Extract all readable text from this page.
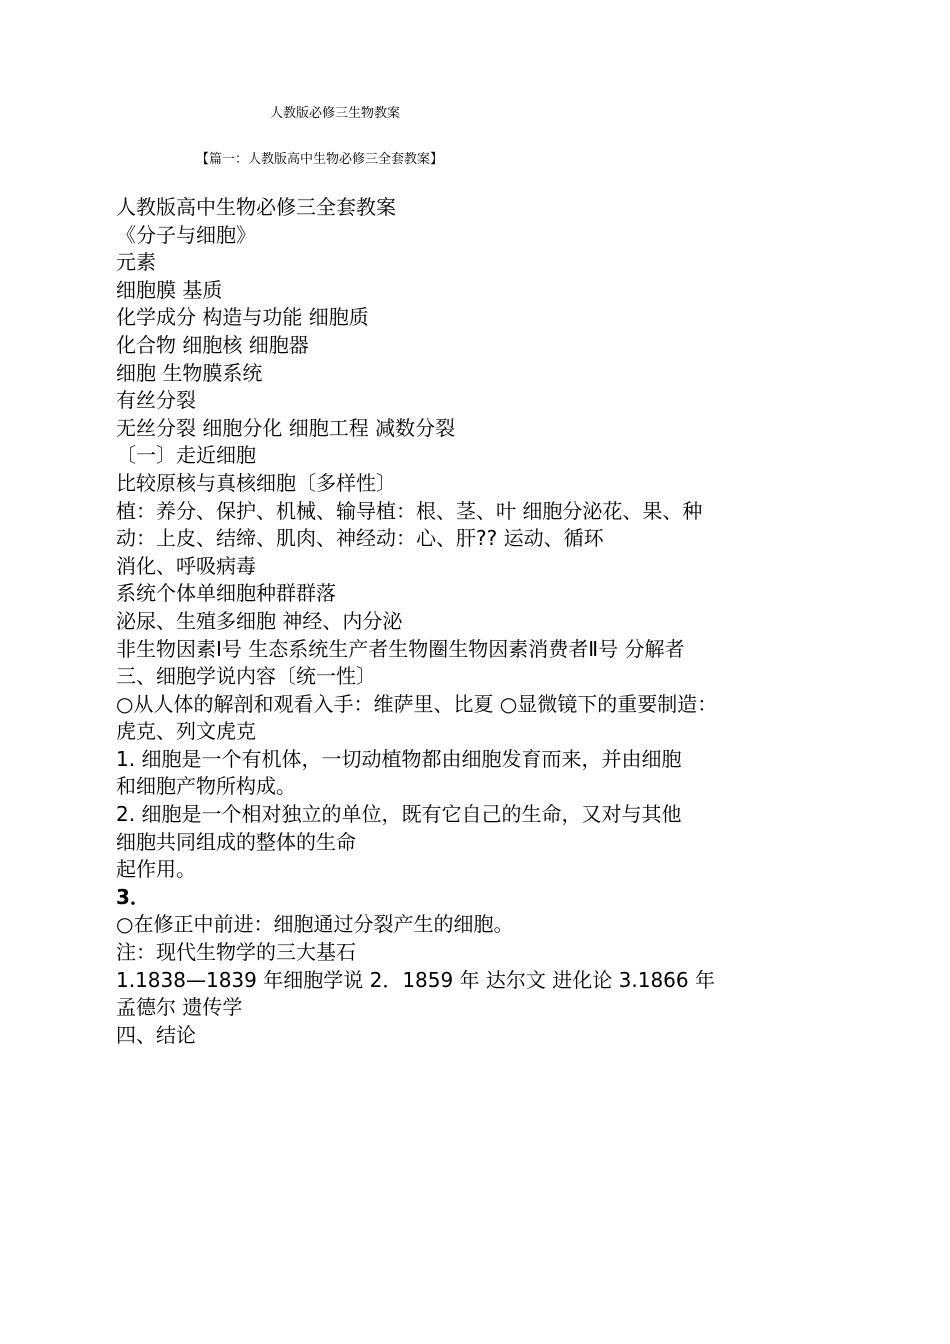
人教版必修三生物教案
【篇一：人教版高中生物必修三全套教案】
人教版高中生物必修三全套教案
《分子与细胞》
元素
细胞膜 基质
化学成分 构造与功能 细胞质
化合物 细胞核 细胞器
细胞 生物膜系统
有丝分裂
无丝分裂 细胞分化 细胞工程 减数分裂
〔一〕走近细胞
比较原核与真核细胞〔多样性〕
植：养分、保护、机械、输导植：根、茎、叶 细胞分泌花、果、种
动：上皮、结缔、肌肉、神经动：心、肝?? 运动、循环
消化、呼吸病毒
系统个体单细胞种群群落
泌尿、生殖多细胞 神经、内分泌
非生物因素Ⅰ号 生态系统生产者生物圈生物因素消费者Ⅱ号 分解者
三、细胞学说内容〔统一性〕
○从人体的解剖和观看入手：维萨里、比夏 ○显微镜下的重要制造：
虎克、列文虎克
1. 细胞是一个有机体，一切动植物都由细胞发育而来，并由细胞
和细胞产物所构成。
2. 细胞是一个相对独立的单位，既有它自己的生命，又对与其他
细胞共同组成的整体的生命
起作用。
3．
○在修正中前进：细胞通过分裂产生的细胞。
注：现代生物学的三大基石
1.1838—1839 年细胞学说 2．1859 年 达尔文 进化论 3.1866 年
孟德尔 遗传学
四、结论
